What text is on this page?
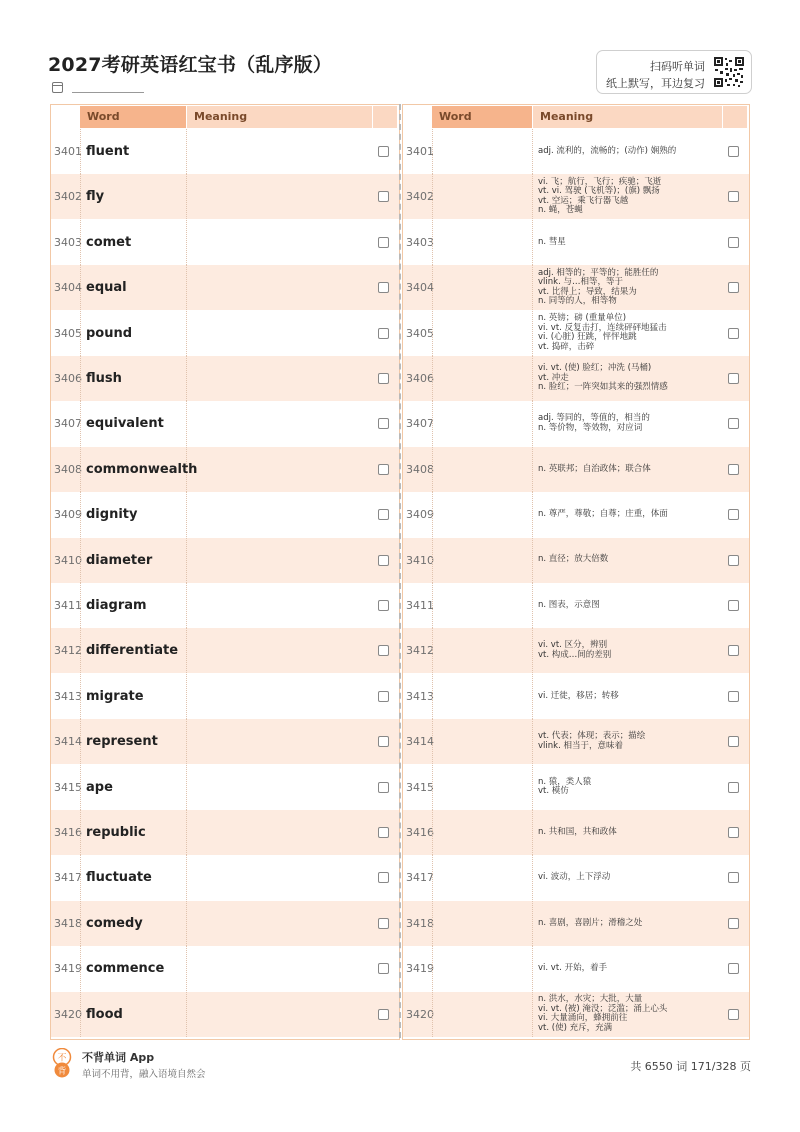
2027考研英语红宝书（乱序版）	扫码听单词
纸上默写，耳边复习
Word	Meaning
3401 fluent
3402 fly
3403 comet
3404 equal
3405 pound
3406 flush
3407 equivalent
3408 commonwealth
3409 dignity
3410 diameter
3411 diagram
3412 differentiate
3413 migrate
3414 represent
3415 ape
3416 republic
3417 fluctuate
3418 comedy
3419 commence
3420 flood
Word	Meaning
3401	adj. 流利的，流畅的；(动作) 娴熟的
3402
vi. 飞；航行，飞行；疾驰；飞逝
vt. vi. 驾驶 (飞机等)；(旗) 飘扬
vt. 空运；乘飞行器飞越
n. 蝇，苍蝇
3403	n. 彗星
3404
adj. 相等的；平等的；能胜任的
vlink. 与…相等，等于
vt. 比得上；导致，结果为
n. 同等的人，相等物
3405
n. 英镑；磅 (重量单位)
vi. vt. 反复击打，连续砰砰地猛击
vi. (心脏) 狂跳，怦怦地跳
vt. 捣碎，击碎
3406
vi. vt. (使) 脸红；冲洗 (马桶)
vt. 冲走
n. 脸红；一阵突如其来的强烈情感
3407	adj. 等同的，等值的，相当的
n. 等价物，等效物，对应词
3408	n. 英联邦；自治政体；联合体
3409	n. 尊严，尊敬；自尊；庄重，体面
3410	n. 直径；放大倍数
3411	n. 图表，示意图
3412	vi. vt. 区分，辨别
vt. 构成…间的差别
3413	vi. 迁徙，移居；转移
3414	vt. 代表；体现；表示；描绘
vlink. 相当于，意味着
3415	n. 猿，类人猿
vt. 模仿
3416	n. 共和国，共和政体
3417	vi. 波动，上下浮动
3418	n. 喜剧，喜剧片；滑稽之处
3419	vi. vt. 开始，着手
3420
n. 洪水，水灾；大批，大量
vi. vt. (被) 淹没；泛滥；涌上心头
vi. 大量涌向，蜂拥前往
vt. (使) 充斥，充满
不
背
不背单词 App
单词不用背，融入语境自然会
共 6550 词 171/328 页
